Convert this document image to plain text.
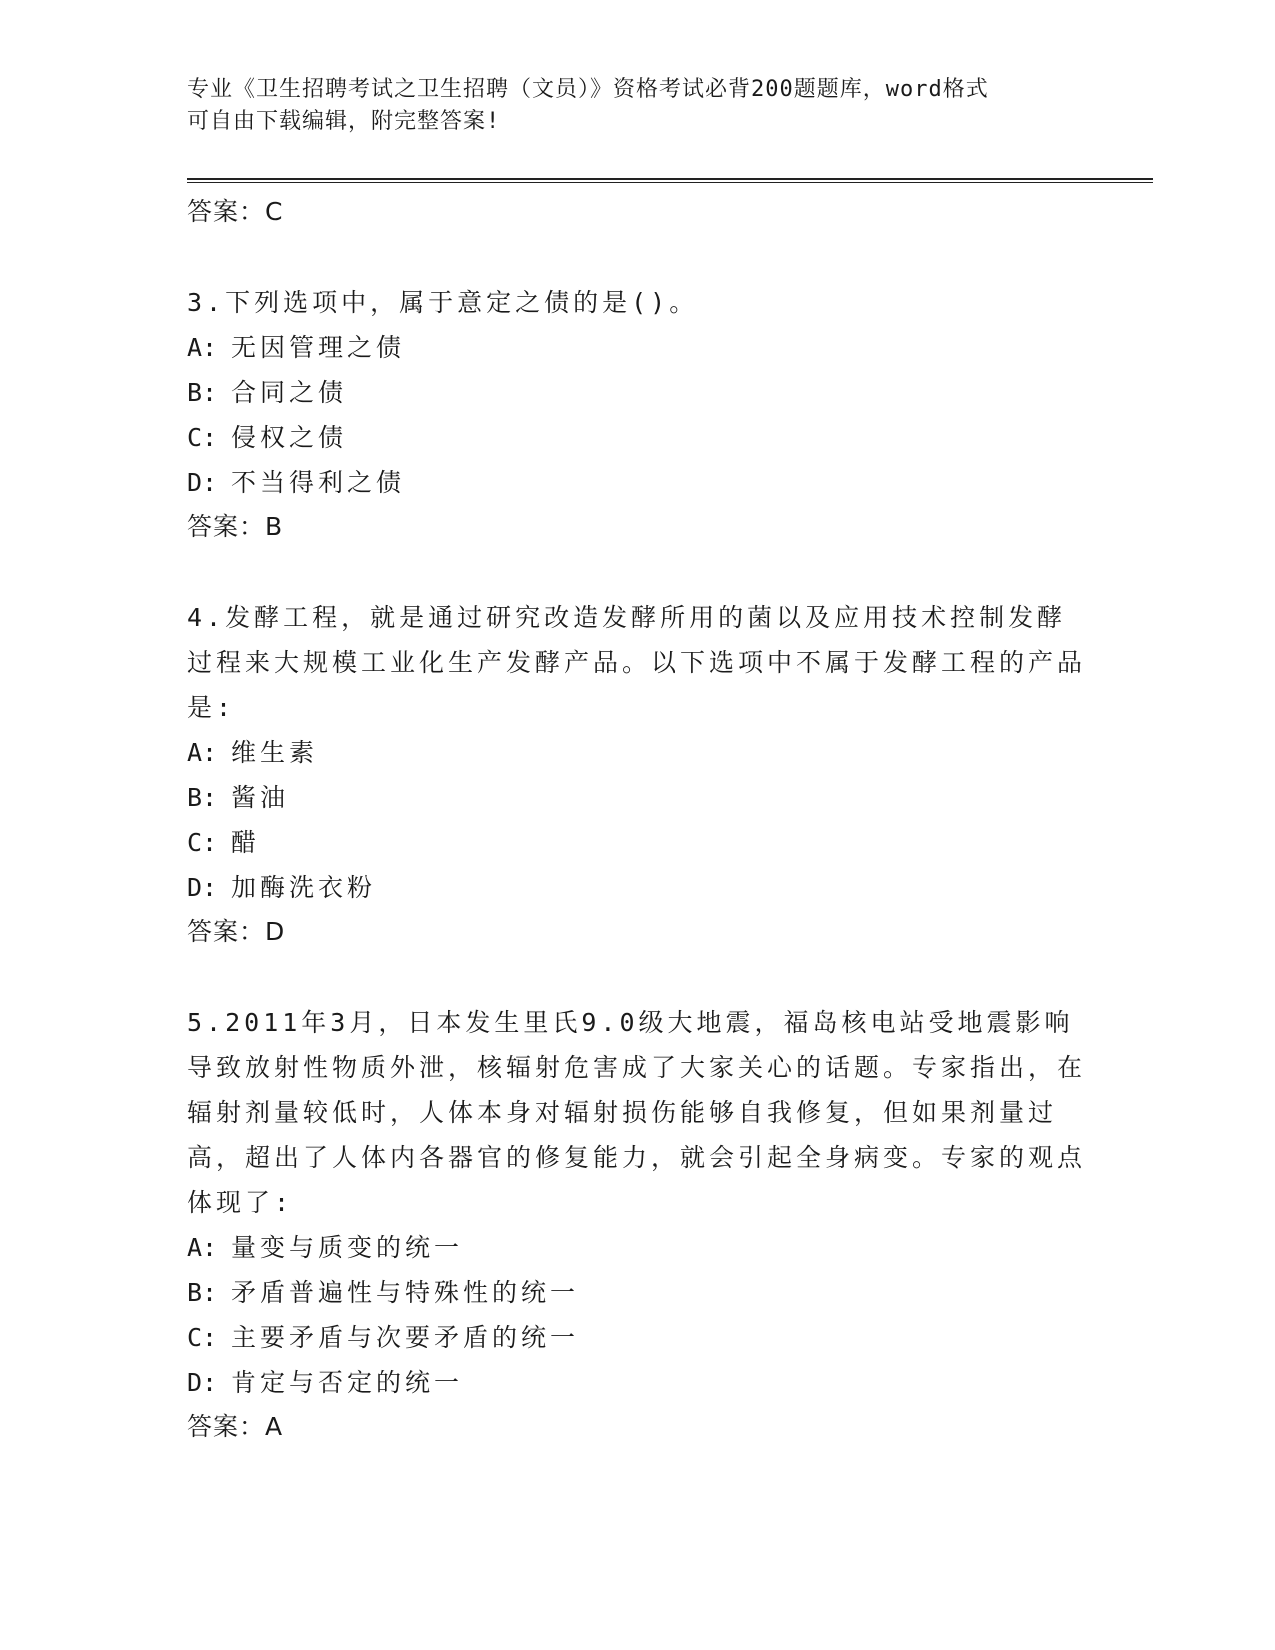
专业《卫生招聘考试之卫生招聘（文员）》资格考试必背200题题库，word格式
可自由下载编辑，附完整答案!
答案：C
3.下列选项中，属于意定之债的是()。
A: 无因管理之债
B: 合同之债
C: 侵权之债
D: 不当得利之债
答案：B
4.发酵工程，就是通过研究改造发酵所用的菌以及应用技术控制发酵过程来大规模工业化生产发酵产品。以下选项中不属于发酵工程的产品是:
A: 维生素
B: 酱油
C: 醋
D: 加酶洗衣粉
答案：D
5.2011年3月，日本发生里氏9.0级大地震，福岛核电站受地震影响导致放射性物质外泄，核辐射危害成了大家关心的话题。专家指出，在辐射剂量较低时，人体本身对辐射损伤能够自我修复，但如果剂量过高，超出了人体内各器官的修复能力，就会引起全身病变。专家的观点体现了:
A: 量变与质变的统一
B: 矛盾普遍性与特殊性的统一
C: 主要矛盾与次要矛盾的统一
D: 肯定与否定的统一
答案：A
